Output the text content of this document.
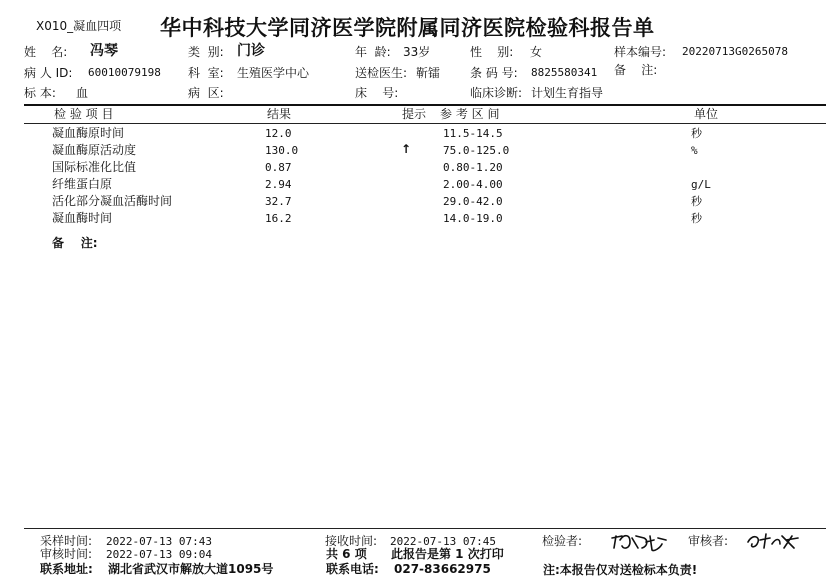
X010_凝血四项 华中科技大学同济医学院附属同济医院检验科报告单
姓    名: 冯琴	类  别: 门诊	年  龄: 33岁	性    别: 女	样本编号: 20220713G0265078
病 人 ID: 60010079198 科  室: 生殖医学中心	送检医生: 靳镭 条 码 号: 8825580341 备    注:
标 本: 血	病  区:	床    号:	临床诊断: 计划生育指导
检 验 项 目	结果	提示 参 考 区 间	单位
凝血酶原时间	12.0	11.5-14.5	秒
凝血酶原活动度	130.0	↑	75.0-125.0	%
国际标准化比值	0.87	0.80-1.20
纤维蛋白原	2.94	2.00-4.00	g/L
活化部分凝血活酶时间	32.7	29.0-42.0	秒
凝血酶时间	16.2	14.0-19.0	秒
备    注:
采样时间: 2022-07-13 07:43	接收时间: 2022-07-13 07:45	检验者:	审核者:
审核时间: 2022-07-13 09:04	共 6 项 此报告是第 1 次打印
联系地址: 湖北省武汉市解放大道1095号	联系电话: 027-83662975	注:本报告仅对送检标本负责!
